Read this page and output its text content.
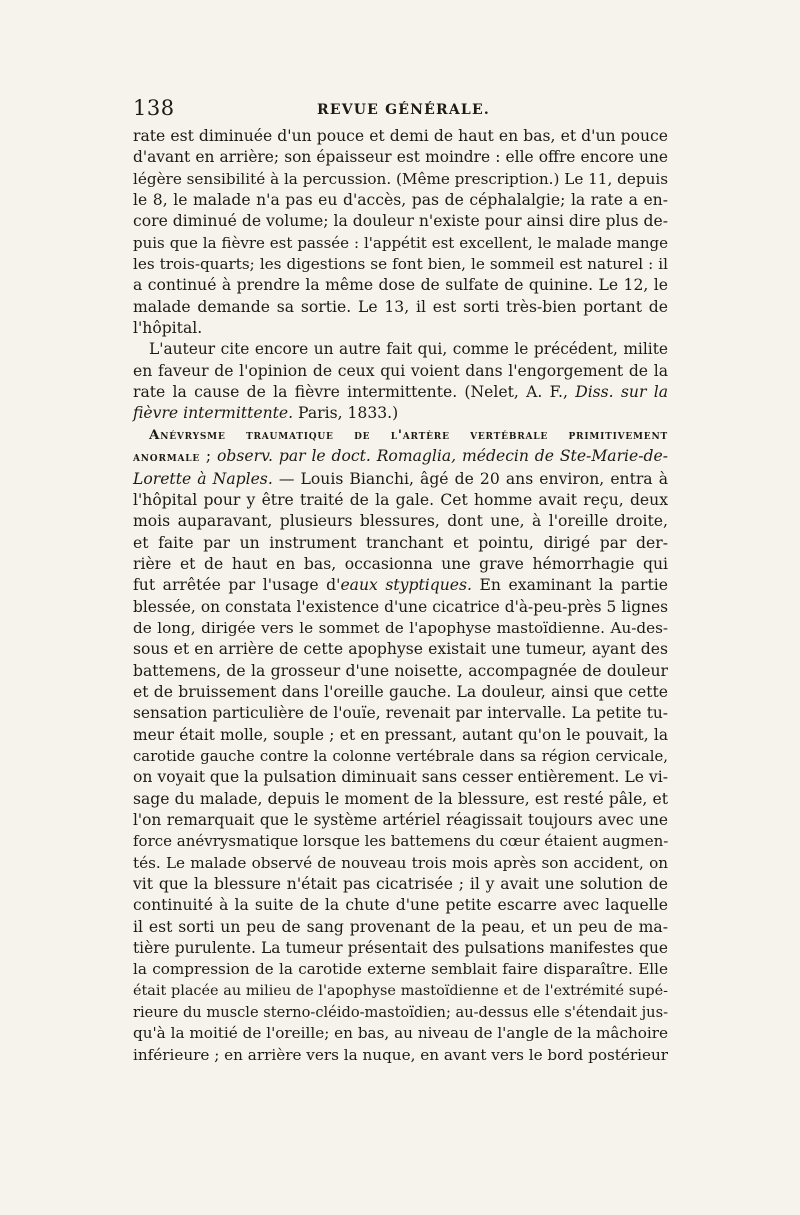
138	REVUE GÉNÉRALE.
rate est diminuée d'un pouce et demi de haut en bas, et d'un pouce
d'avant en arrière; son épaisseur est moindre : elle offre encore une
légère sensibilité à la percussion. (Même prescription.) Le 11, depuis
le 8, le malade n'a pas eu d'accès, pas de céphalalgie; la rate a en-
core diminué de volume; la douleur n'existe pour ainsi dire plus de-
puis que la fièvre est passée : l'appétit est excellent, le malade mange
les trois-quarts; les digestions se font bien, le sommeil est naturel : il
a continué à prendre la même dose de sulfate de quinine. Le 12, le
malade demande sa sortie. Le 13, il est sorti très-bien portant de
l'hôpital.
L'auteur cite encore un autre fait qui, comme le précédent, milite
en faveur de l'opinion de ceux qui voient dans l'engorgement de la
rate la cause de la fièvre intermittente. (Nelet, A. F., Diss. sur la
fièvre intermittente. Paris, 1833.)
Anévrysme traumatique de l'artère vertébrale primitivement
anormale ; observ. par le doct. Romaglia, médecin de Ste-Marie-de-
Lorette à Naples. — Louis Bianchi, âgé de 20 ans environ, entra à
l'hôpital pour y être traité de la gale. Cet homme avait reçu, deux
mois auparavant, plusieurs blessures, dont une, à l'oreille droite,
et faite par un instrument tranchant et pointu, dirigé par der-
rière et de haut en bas, occasionna une grave hémorrhagie qui
fut arrêtée par l'usage d'eaux styptiques. En examinant la partie
blessée, on constata l'existence d'une cicatrice d'à-peu-près 5 lignes
de long, dirigée vers le sommet de l'apophyse mastoïdienne. Au-des-
sous et en arrière de cette apophyse existait une tumeur, ayant des
battemens, de la grosseur d'une noisette, accompagnée de douleur
et de bruissement dans l'oreille gauche. La douleur, ainsi que cette
sensation particulière de l'ouïe, revenait par intervalle. La petite tu-
meur était molle, souple ; et en pressant, autant qu'on le pouvait, la
carotide gauche contre la colonne vertébrale dans sa région cervicale,
on voyait que la pulsation diminuait sans cesser entièrement. Le vi-
sage du malade, depuis le moment de la blessure, est resté pâle, et
l'on remarquait que le système artériel réagissait toujours avec une
force anévrysmatique lorsque les battemens du cœur étaient augmen-
tés. Le malade observé de nouveau trois mois après son accident, on
vit que la blessure n'était pas cicatrisée ; il y avait une solution de
continuité à la suite de la chute d'une petite escarre avec laquelle
il est sorti un peu de sang provenant de la peau, et un peu de ma-
tière purulente. La tumeur présentait des pulsations manifestes que
la compression de la carotide externe semblait faire disparaître. Elle
était placée au milieu de l'apophyse mastoïdienne et de l'extrémité supé-
rieure du muscle sterno-cléido-mastoïdien; au-dessus elle s'étendait jus-
qu'à la moitié de l'oreille; en bas, au niveau de l'angle de la mâchoire
inférieure ; en arrière vers la nuque, en avant vers le bord postérieur
